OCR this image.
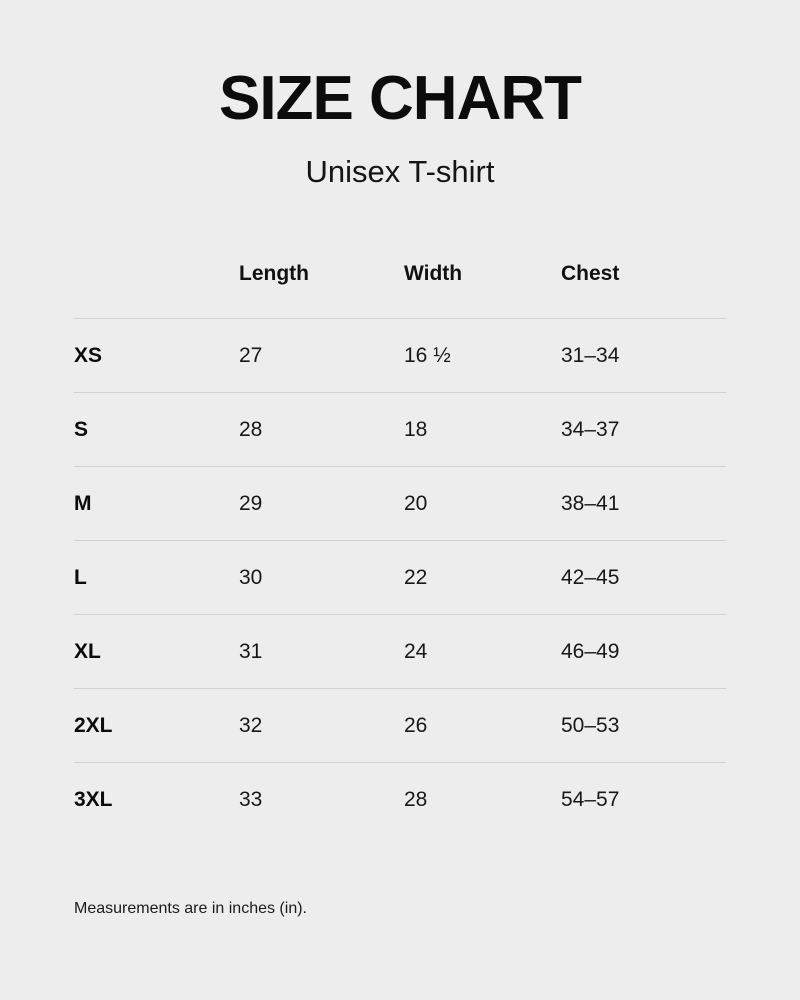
SIZE CHART
Unisex T-shirt
	Length	Width	Chest
XS	27	16 ½	31–34
S	28	18	34–37
M	29	20	38–41
L	30	22	42–45
XL	31	24	46–49
2XL	32	26	50–53
3XL	33	28	54–57
Measurements are in inches (in).
